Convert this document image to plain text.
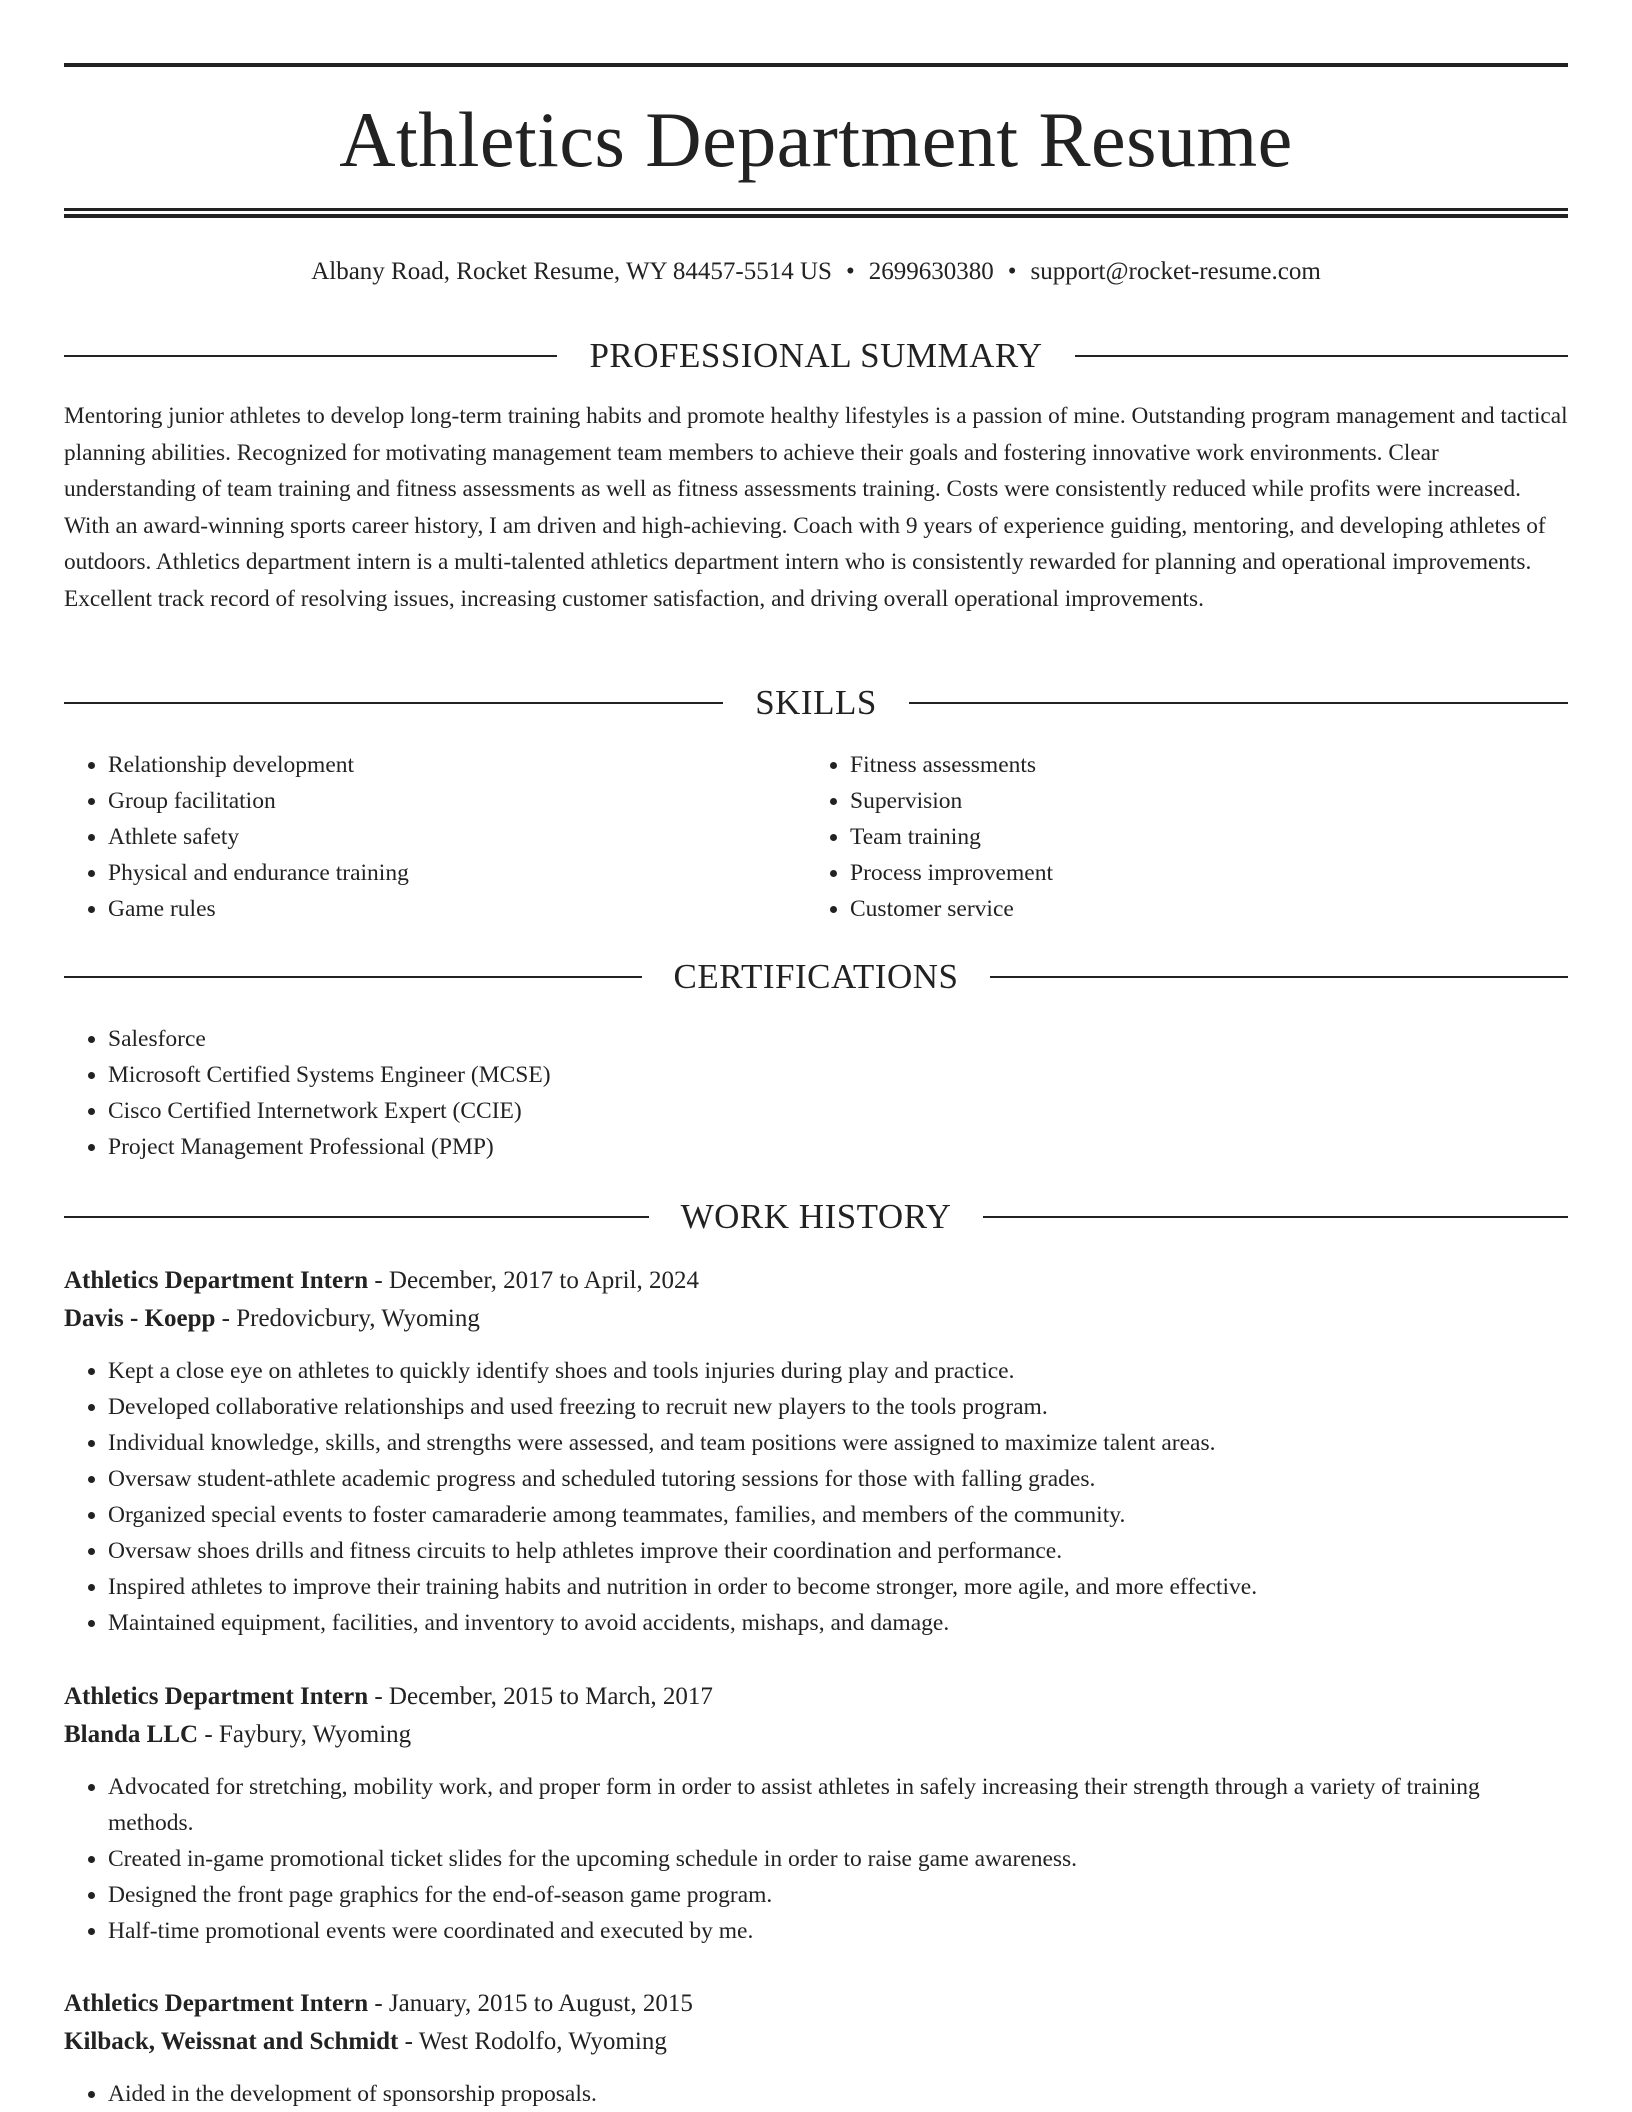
Athletics Department Resume
Albany Road, Rocket Resume, WY 84457-5514 US • 2699630380 • support@rocket-resume.com
PROFESSIONAL SUMMARY

Mentoring junior athletes to develop long-term training habits and promote healthy lifestyles is a passion of mine. Outstanding program management and tactical planning abilities. Recognized for motivating management team members to achieve their goals and fostering innovative work environments. Clear understanding of team training and fitness assessments as well as fitness assessments training. Costs were consistently reduced while profits were increased. With an award-winning sports career history, I am driven and high-achieving. Coach with 9 years of experience guiding, mentoring, and developing athletes of outdoors. Athletics department intern is a multi-talented athletics department intern who is consistently rewarded for planning and operational improvements. Excellent track record of resolving issues, increasing customer satisfaction, and driving overall operational improvements.

SKILLS
• Relationship development
• Group facilitation
• Athlete safety
• Physical and endurance training
• Game rules
• Fitness assessments
• Supervision
• Team training
• Process improvement
• Customer service
CERTIFICATIONS
• Salesforce
• Microsoft Certified Systems Engineer (MCSE)
• Cisco Certified Internetwork Expert (CCIE)
• Project Management Professional (PMP)
WORK HISTORY
Athletics Department Intern - December, 2017 to April, 2024
Davis - Koepp - Predovicbury, Wyoming
• Kept a close eye on athletes to quickly identify shoes and tools injuries during play and practice.
• Developed collaborative relationships and used freezing to recruit new players to the tools program.
• Individual knowledge, skills, and strengths were assessed, and team positions were assigned to maximize talent areas.
• Oversaw student-athlete academic progress and scheduled tutoring sessions for those with falling grades.
• Organized special events to foster camaraderie among teammates, families, and members of the community.
• Oversaw shoes drills and fitness circuits to help athletes improve their coordination and performance.
• Inspired athletes to improve their training habits and nutrition in order to become stronger, more agile, and more effective.
• Maintained equipment, facilities, and inventory to avoid accidents, mishaps, and damage.
Athletics Department Intern - December, 2015 to March, 2017
Blanda LLC - Faybury, Wyoming
• Advocated for stretching, mobility work, and proper form in order to assist athletes in safely increasing their strength through a variety of training methods.
• Created in-game promotional ticket slides for the upcoming schedule in order to raise game awareness.
• Designed the front page graphics for the end-of-season game program.
• Half-time promotional events were coordinated and executed by me.
Athletics Department Intern - January, 2015 to August, 2015
Kilback, Weissnat and Schmidt - West Rodolfo, Wyoming
• Aided in the development of sponsorship proposals.
